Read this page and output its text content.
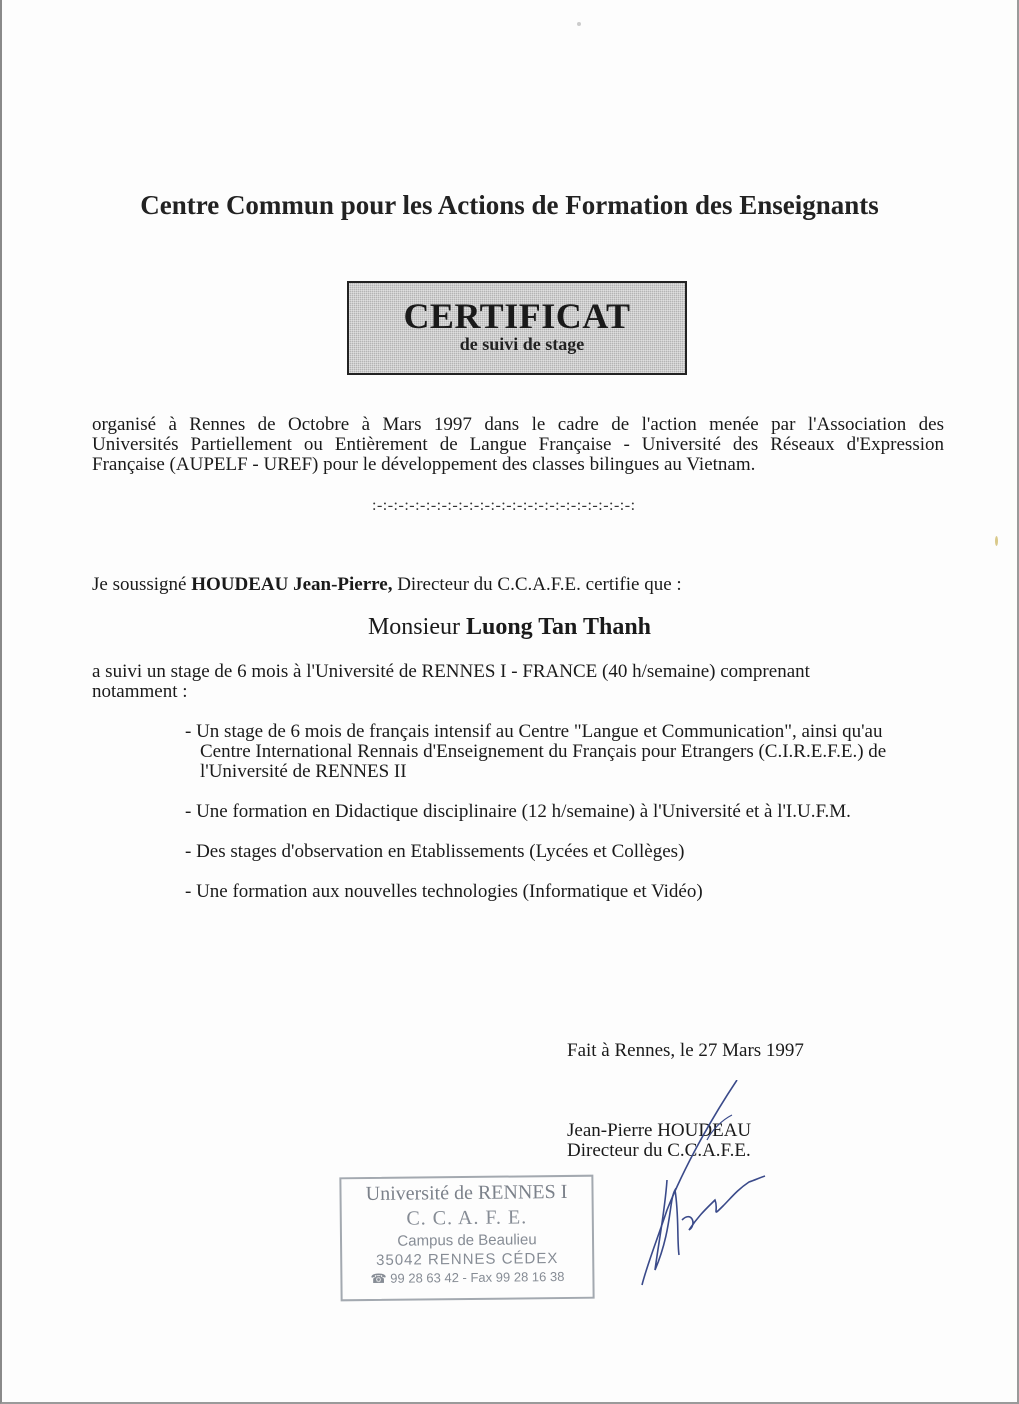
Centre Commun pour les Actions de Formation des Enseignants
CERTIFICAT
de suivi de stage

organisé à Rennes de Octobre à Mars 1997 dans le cadre de l'action menée par l'Association des

Universités Partiellement ou Entièrement de Langue Française - Université des Réseaux d'Expression

Française (AUPELF - UREF) pour le développement des classes bilingues au Vietnam.

:-:-:-:-:-:-:-:-:-:-:-:-:-:-:-:-:-:-:-:-:-:-:-:-:
Je soussigné HOUDEAU Jean-Pierre, Directeur du C.C.A.F.E. certifie que :
Monsieur Luong Tan Thanh
a suivi un stage de 6 mois à l'Université de RENNES I - FRANCE (40 h/semaine) comprenant
notamment :
- Un stage de 6 mois de français intensif au Centre "Langue et Communication", ainsi qu'au
Centre International Rennais d'Enseignement du Français pour Etrangers (C.I.R.E.F.E.) de
l'Université de RENNES II
- Une formation en Didactique disciplinaire (12 h/semaine) à l'Université et à l'I.U.F.M.
- Des stages d'observation en Etablissements (Lycées et Collèges)
- Une formation aux nouvelles technologies (Informatique et Vidéo)
Fait à Rennes, le 27 Mars 1997
Jean-Pierre HOUDEAU
Directeur du C.C.A.F.E.
Université de RENNES I
C. C. A. F. E.
Campus de Beaulieu
35042 RENNES CÉDEX
☎ 99 28 63 42 - Fax 99 28 16 38
